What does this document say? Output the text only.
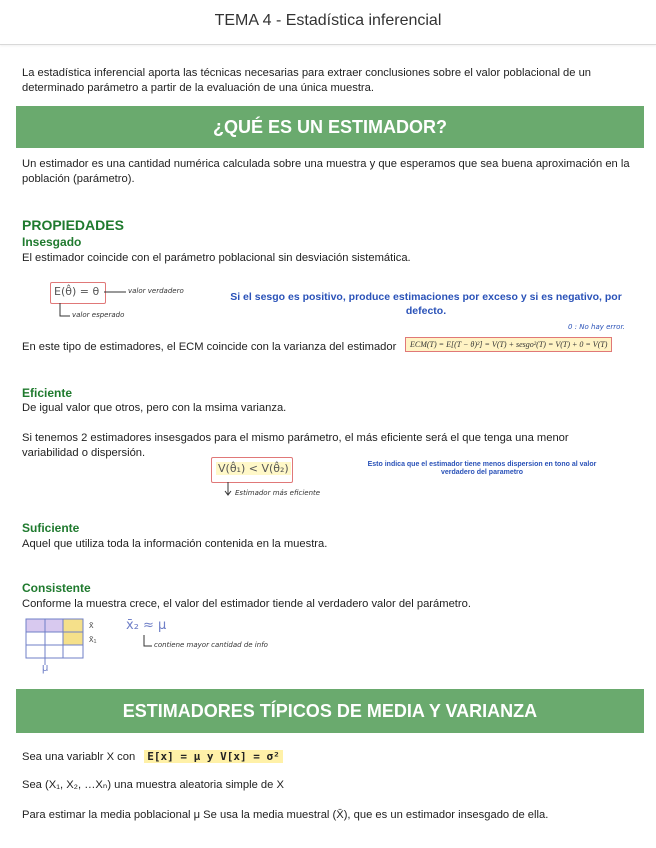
TEMA 4 - Estadística inferencial
La estadística inferencial aporta las técnicas necesarias para extraer conclusiones sobre el valor poblacional de un determinado parámetro a partir de la evaluación de una única muestra.
¿QUÉ ES UN ESTIMADOR?
Un estimador es una cantidad numérica calculada sobre una muestra y que esperamos que sea buena aproximación en la población (parámetro).
PROPIEDADES
Insesgado
El estimador coincide con el parámetro poblacional sin desviación sistemática.
E(θ̂) = θ	valor verdadero
valor esperado
Si el sesgo es positivo, produce estimaciones por exceso y si es negativo, por defecto.
0 : No hay error.
En este tipo de estimadores, el ECM coincide con la varianza del estimador	ECM(T) = E[(T − θ)²] = V(T) + sesgo²(T) = V(T) + 0 = V(T)
Eficiente
De igual valor que otros, pero con la msima varianza.
Si tenemos 2 estimadores insesgados para el mismo parámetro, el más eficiente será el que tenga una menor variabilidad o dispersión.
V(θ̂₁) < V(θ̂₂)
Estimador más eficiente
Esto indica que el estimador tiene menos dispersion en tono al valor verdadero del parametro
Suficiente
Aquel que utiliza toda la información contenida en la muestra.
Consistente
Conforme la muestra crece, el valor del estimador tiende al verdadero valor del parámetro.
x̄
x̄₁
μ
x̄₂ ≈ μ
contiene mayor cantidad de info
ESTIMADORES TÍPICOS DE MEDIA Y VARIANZA
Sea una variablr X con E[x] = μ y V[x] = σ²
Sea (X₁, X₂, …Xₙ) una muestra aleatoria simple de X
Para estimar la media poblacional μ Se usa la media muestral (X̄), que es un estimador insesgado de ella.
